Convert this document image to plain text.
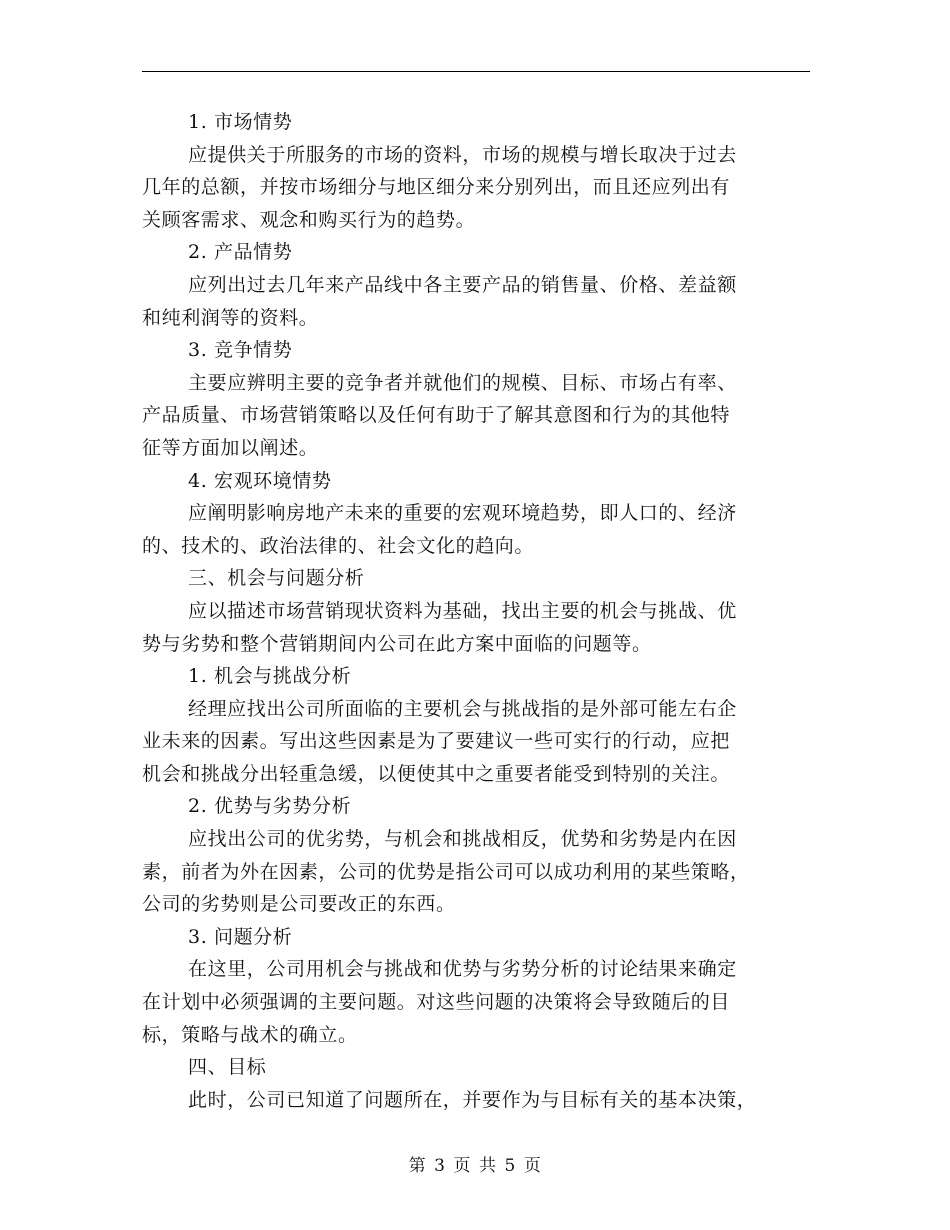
1. 市场情势
应提供关于所服务的市场的资料，市场的规模与增长取决于过去
几年的总额，并按市场细分与地区细分来分别列出，而且还应列出有
关顾客需求、观念和购买行为的趋势。
2. 产品情势
应列出过去几年来产品线中各主要产品的销售量、价格、差益额
和纯利润等的资料。
3. 竞争情势
主要应辨明主要的竞争者并就他们的规模、目标、市场占有率、
产品质量、市场营销策略以及任何有助于了解其意图和行为的其他特
征等方面加以阐述。
4. 宏观环境情势
应阐明影响房地产未来的重要的宏观环境趋势，即人口的、经济
的、技术的、政治法律的、社会文化的趋向。
三、机会与问题分析
应以描述市场营销现状资料为基础，找出主要的机会与挑战、优
势与劣势和整个营销期间内公司在此方案中面临的问题等。
1. 机会与挑战分析
经理应找出公司所面临的主要机会与挑战指的是外部可能左右企
业未来的因素。写出这些因素是为了要建议一些可实行的行动，应把
机会和挑战分出轻重急缓，以便使其中之重要者能受到特别的关注。
2. 优势与劣势分析
应找出公司的优劣势，与机会和挑战相反，优势和劣势是内在因
素，前者为外在因素，公司的优势是指公司可以成功利用的某些策略，
公司的劣势则是公司要改正的东西。
3. 问题分析
在这里，公司用机会与挑战和优势与劣势分析的讨论结果来确定
在计划中必须强调的主要问题。对这些问题的决策将会导致随后的目
标，策略与战术的确立。
四、目标
此时，公司已知道了问题所在，并要作为与目标有关的基本决策，
第 3 页 共 5 页
